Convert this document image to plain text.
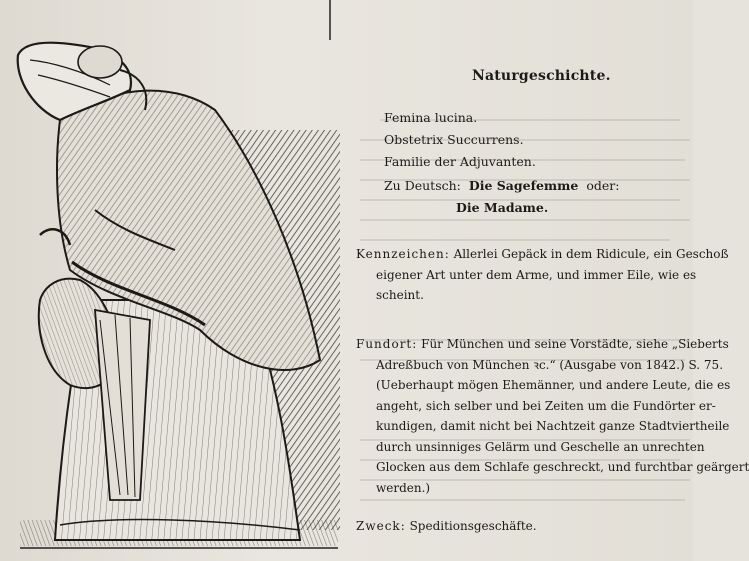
Naturgeschichte.
Femina lucina.
Obstetrix Succurrens.
Familie der Adjuvanten.
Zu Deutsch: Die Sagefemme oder:
Die Madame.
Kennzeichen: Allerlei Gepäck in dem Ridicule, ein Geschoß
eigener Art unter dem Arme, und immer Eile, wie es
scheint.
Fundort: Für München und seine Vorstädte, siehe „Sieberts
Adreßbuch von München ꝛc.“ (Ausgabe von 1842.) S. 75.
(Ueberhaupt mögen Ehemänner, und andere Leute, die es
angeht, sich selber und bei Zeiten um die Fundörter er-
kundigen, damit nicht bei Nachtzeit ganze Stadtviertheile
durch unsinniges Gelärm und Geschelle an unrechten
Glocken aus dem Schlafe geschreckt, und furchtbar geärgert
werden.)
Zweck: Speditionsgeschäfte.
